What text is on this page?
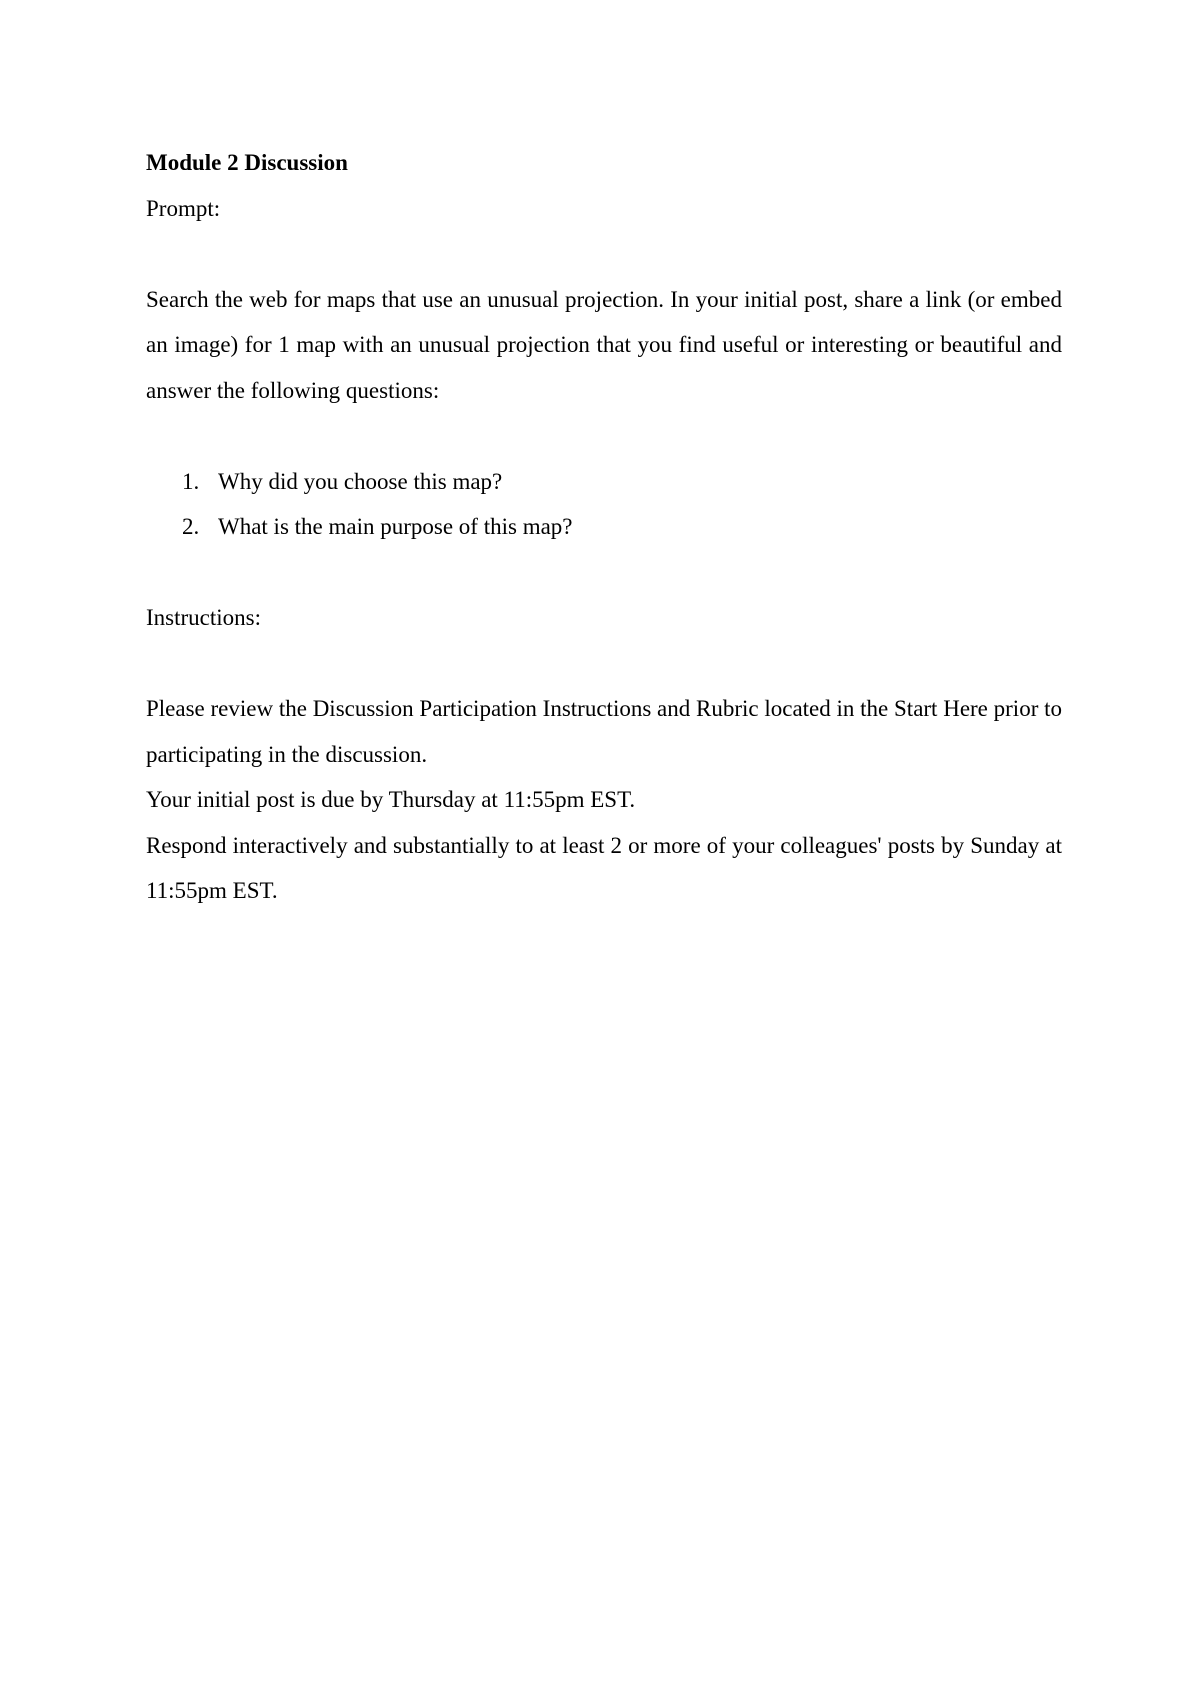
Module 2 Discussion

Prompt:

Search the web for maps that use an unusual projection. In your initial post, share a link (or embed an image) for 1 map with an unusual projection that you find useful or interesting or beautiful and answer the following questions:

1. Why did you choose this map?
2. What is the main purpose of this map?

Instructions:

Please review the Discussion Participation Instructions and Rubric located in the Start Here prior to participating in the discussion.

Your initial post is due by Thursday at 11:55pm EST.

Respond interactively and substantially to at least 2 or more of your colleagues' posts by Sunday at 11:55pm EST.
